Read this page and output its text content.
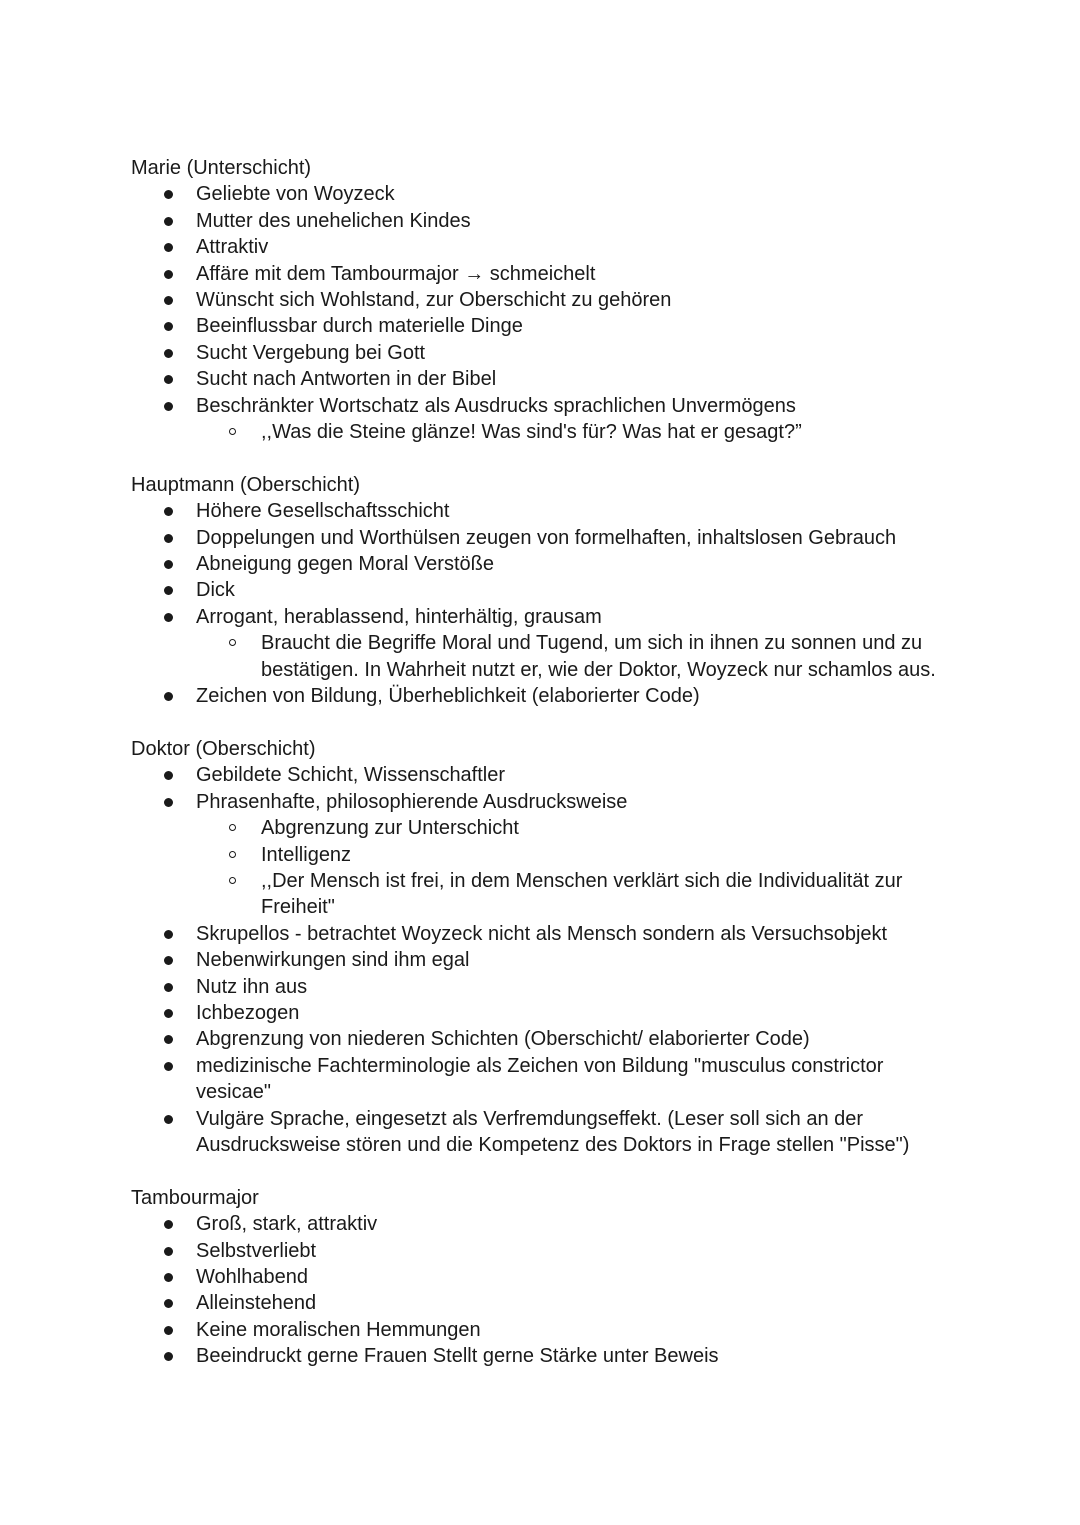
Marie (Unterschicht)

Geliebte von Woyzeck
Mutter des unehelichen Kindes
Attraktiv
Affäre mit dem Tambourmajor → schmeichelt
Wünscht sich Wohlstand, zur Oberschicht zu gehören
Beeinflussbar durch materielle Dinge
Sucht Vergebung bei Gott
Sucht nach Antworten in der Bibel
Beschränkter Wortschatz als Ausdrucks sprachlichen Unvermögens
,,Was die Steine glänze! Was sind's für? Was hat er gesagt?”

Hauptmann (Oberschicht)

Höhere Gesellschaftsschicht
Doppelungen und Worthülsen zeugen von formelhaften, inhaltslosen Gebrauch
Abneigung gegen Moral Verstöße
Dick
Arrogant, herablassend, hinterhältig, grausam
Braucht die Begriffe Moral und Tugend, um sich in ihnen zu sonnen und zu bestätigen. In Wahrheit nutzt er, wie der Doktor, Woyzeck nur schamlos aus.
Zeichen von Bildung, Überheblichkeit (elaborierter Code)

Doktor (Oberschicht)

Gebildete Schicht, Wissenschaftler
Phrasenhafte, philosophierende Ausdrucksweise
Abgrenzung zur Unterschicht
Intelligenz
,,Der Mensch ist frei, in dem Menschen verklärt sich die Individualität zur Freiheit"
Skrupellos - betrachtet Woyzeck nicht als Mensch sondern als Versuchsobjekt
Nebenwirkungen sind ihm egal
Nutz ihn aus
Ichbezogen
Abgrenzung von niederen Schichten (Oberschicht/ elaborierter Code)
medizinische Fachterminologie als Zeichen von Bildung "musculus constrictor vesicae"
Vulgäre Sprache, eingesetzt als Verfremdungseffekt. (Leser soll sich an der Ausdrucksweise stören und die Kompetenz des Doktors in Frage stellen "Pisse")

Tambourmajor

Groß, stark, attraktiv
Selbstverliebt
Wohlhabend
Alleinstehend
Keine moralischen Hemmungen
Beeindruckt gerne Frauen Stellt gerne Stärke unter Beweis
